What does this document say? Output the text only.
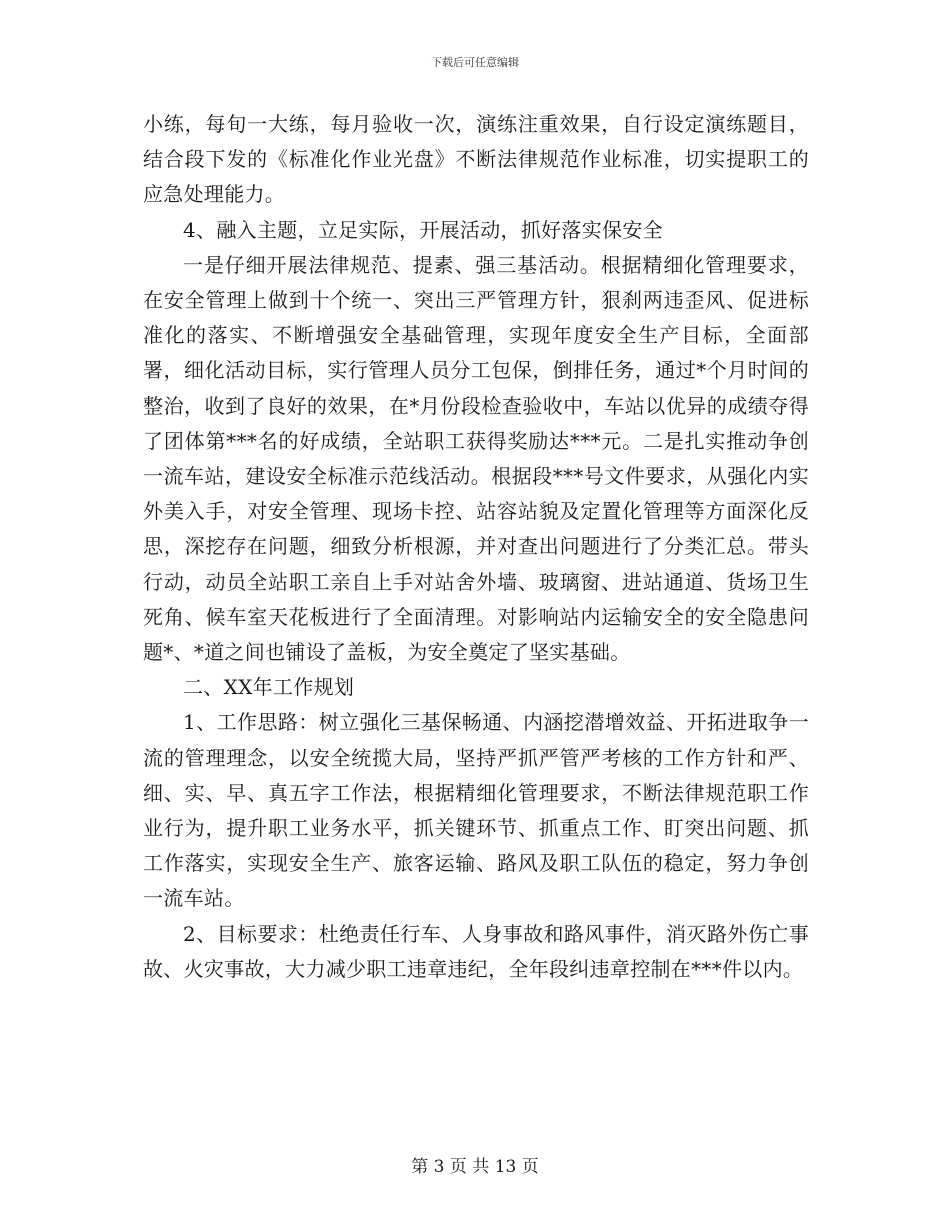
下载后可任意编辑

小练，每旬一大练，每月验收一次，演练注重效果，自行设定演练题目，结合段下发的《标准化作业光盘》不断法律规范作业标准，切实提职工的应急处理能力。

4、融入主题，立足实际，开展活动，抓好落实保安全

一是仔细开展法律规范、提素、强三基活动。根据精细化管理要求，在安全管理上做到十个统一、突出三严管理方针，狠刹两违歪风、促进标准化的落实、不断增强安全基础管理，实现年度安全生产目标，全面部署，细化活动目标，实行管理人员分工包保，倒排任务，通过*个月时间的整治，收到了良好的效果，在*月份段检查验收中，车站以优异的成绩夺得了团体第***名的好成绩，全站职工获得奖励达***元。二是扎实推动争创一流车站，建设安全标准示范线活动。根据段***号文件要求，从强化内实外美入手，对安全管理、现场卡控、站容站貌及定置化管理等方面深化反思，深挖存在问题，细致分析根源，并对查出问题进行了分类汇总。带头行动，动员全站职工亲自上手对站舍外墙、玻璃窗、进站通道、货场卫生死角、候车室天花板进行了全面清理。对影响站内运输安全的安全隐患问题*、*道之间也铺设了盖板，为安全奠定了坚实基础。

二、XX年工作规划

1、工作思路：树立强化三基保畅通、内涵挖潜增效益、开拓进取争一流的管理理念，以安全统揽大局，坚持严抓严管严考核的工作方针和严、细、实、早、真五字工作法，根据精细化管理要求，不断法律规范职工作业行为，提升职工业务水平，抓关键环节、抓重点工作、盯突出问题、抓工作落实，实现安全生产、旅客运输、路风及职工队伍的稳定，努力争创一流车站。

2、目标要求：杜绝责任行车、人身事故和路风事件，消灭路外伤亡事故、火灾事故，大力减少职工违章违纪，全年段纠违章控制在***件以内。

第 3 页 共 13 页
